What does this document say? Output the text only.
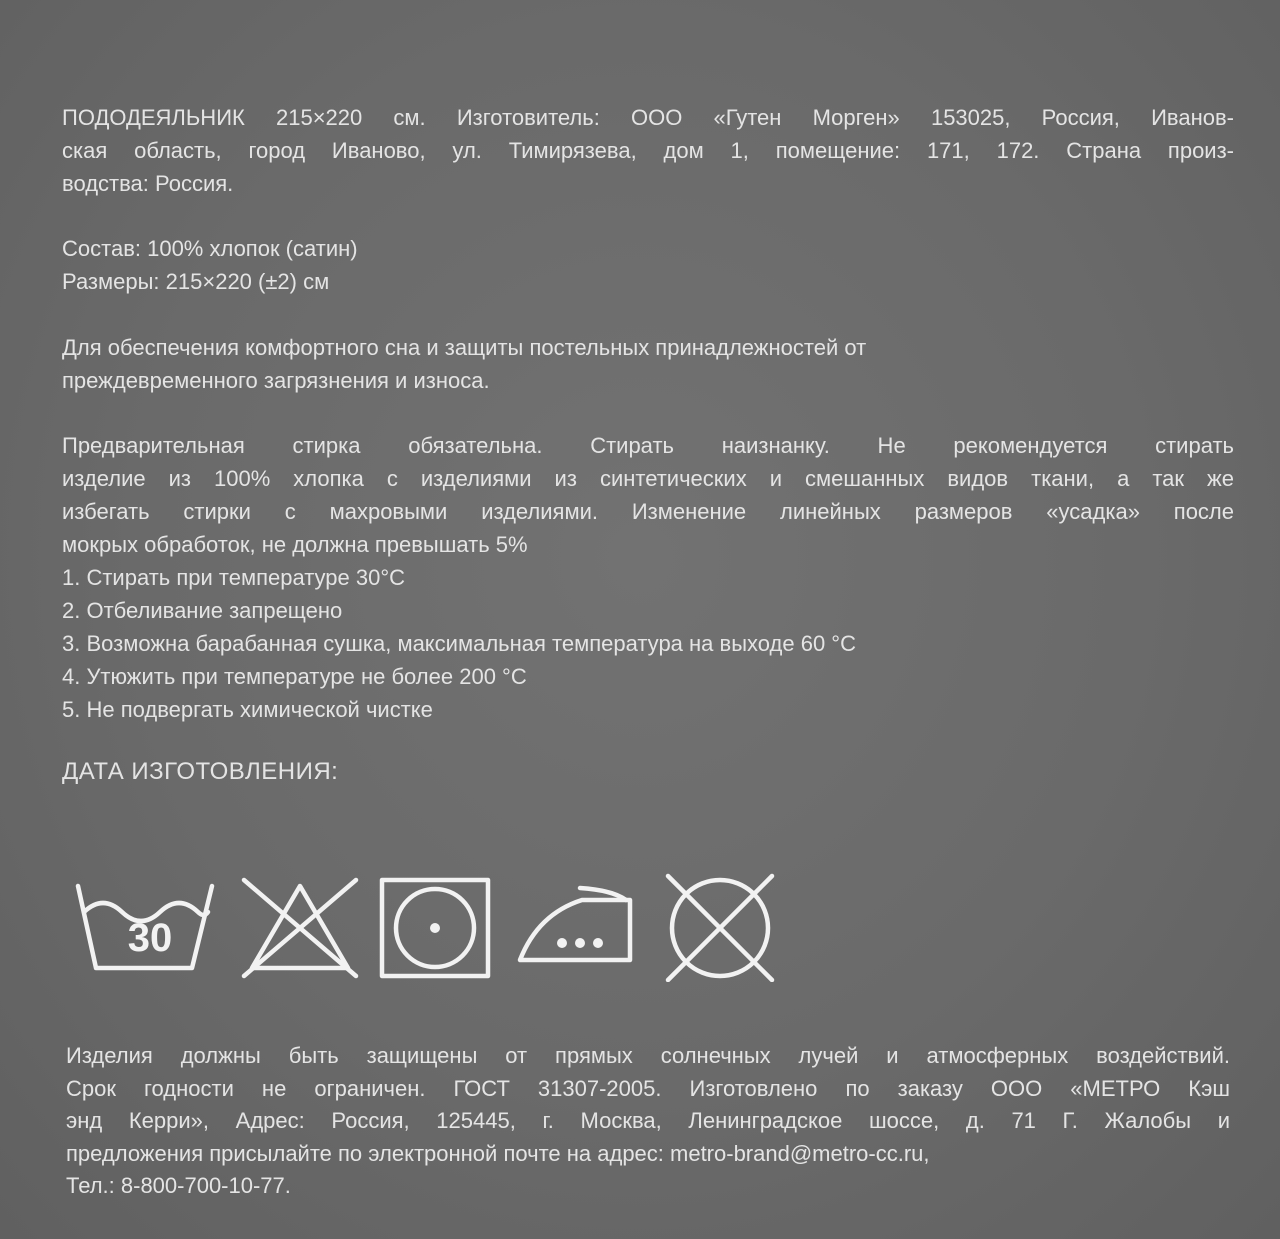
ПОДОДЕЯЛЬНИК 215×220 см. Изготовитель: ООО «Гутен Морген» 153025, Россия, Иванов-
ская область, город Иваново, ул. Тимирязева, дом 1, помещение: 171, 172. Страна произ-
водства: Россия.

Состав: 100% хлопок (сатин)
Размеры: 215×220 (±2) см

Для обеспечения комфортного сна и защиты постельных принадлежностей от
преждевременного загрязнения и износа.

Предварительная стирка обязательна. Стирать наизнанку. Не рекомендуется стирать
изделие из 100% хлопка с изделиями из синтетических и смешанных видов ткани, а так же
избегать стирки с махровыми изделиями. Изменение линейных размеров «усадка» после
мокрых обработок, не должна превышать 5%
1. Стирать при температуре 30°С
2. Отбеливание запрещено
3. Возможна барабанная сушка, максимальная температура на выходе 60 °С
4. Утюжить при температуре не более 200 °С
5. Не подвергать химической чистке
ДАТА ИЗГОТОВЛЕНИЯ:
30
Изделия должны быть защищены от прямых солнечных лучей и атмосферных воздействий.
Срок годности не ограничен. ГОСТ 31307-2005. Изготовлено по заказу ООО «МЕТРО Кэш
энд Керри», Адрес: Россия, 125445, г. Москва, Ленинградское шоссе, д. 71 Г. Жалобы и
предложения присылайте по электронной почте на адрес: metro-brand@metro-cc.ru,
Тел.: 8-800-700-10-77.
